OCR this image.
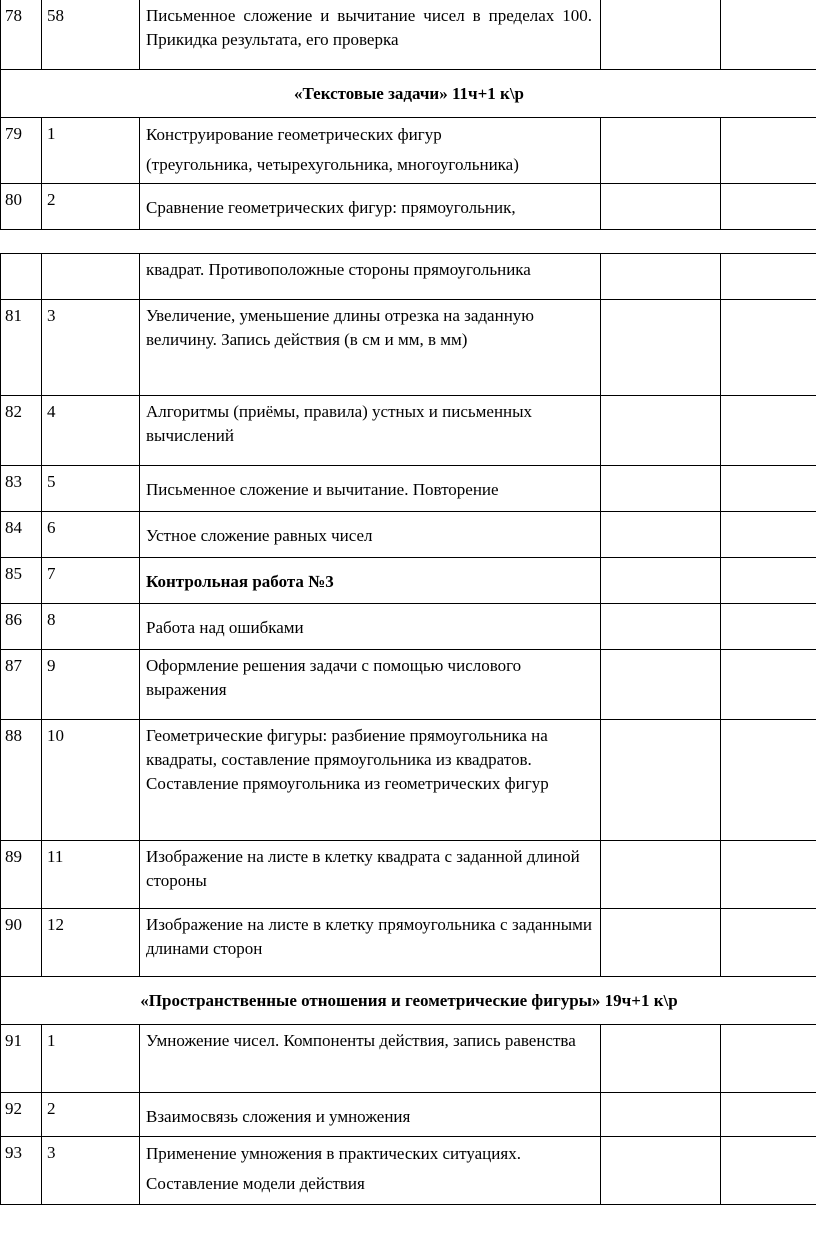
78	58	Письменное сложение и вычитание чисел в пределах 100. Прикидка результата, его проверка		
«Текстовые задачи» 11ч+1 к\р				
79	1	Конструирование геометрических фигур
(треугольника, четырехугольника, многоугольника)		

80	2	Сравнение геометрических фигур: прямоугольник,		
		квадрат. Противоположные стороны прямоугольника		
81	3	Увеличение, уменьшение длины отрезка на заданную величину. Запись действия (в см и мм, в мм)		
82	4	Алгоритмы (приёмы, правила) устных и письменных вычислений		
83	5	Письменное сложение и вычитание. Повторение		
84	6	Устное сложение равных чисел		
85	7	Контрольная работа №3		
86	8	Работа над ошибками		
87	9	Оформление решения задачи с помощью числового выражения		
88	10	Геометрические фигуры: разбиение прямоугольника на квадраты, составление прямоугольника из квадратов. Составление прямоугольника из геометрических фигур		
89	11	Изображение на листе в клетку квадрата с заданной длиной стороны		
90	12	Изображение на листе в клетку прямоугольника с заданными длинами сторон		
«Пространственные отношения и геометрические фигуры» 19ч+1 к\р				
91	1	Умножение чисел. Компоненты действия, запись равенства		
92	2	Взаимосвязь сложения и умножения		
93	3	Применение умножения в практических ситуациях.
Составление модели действия		
